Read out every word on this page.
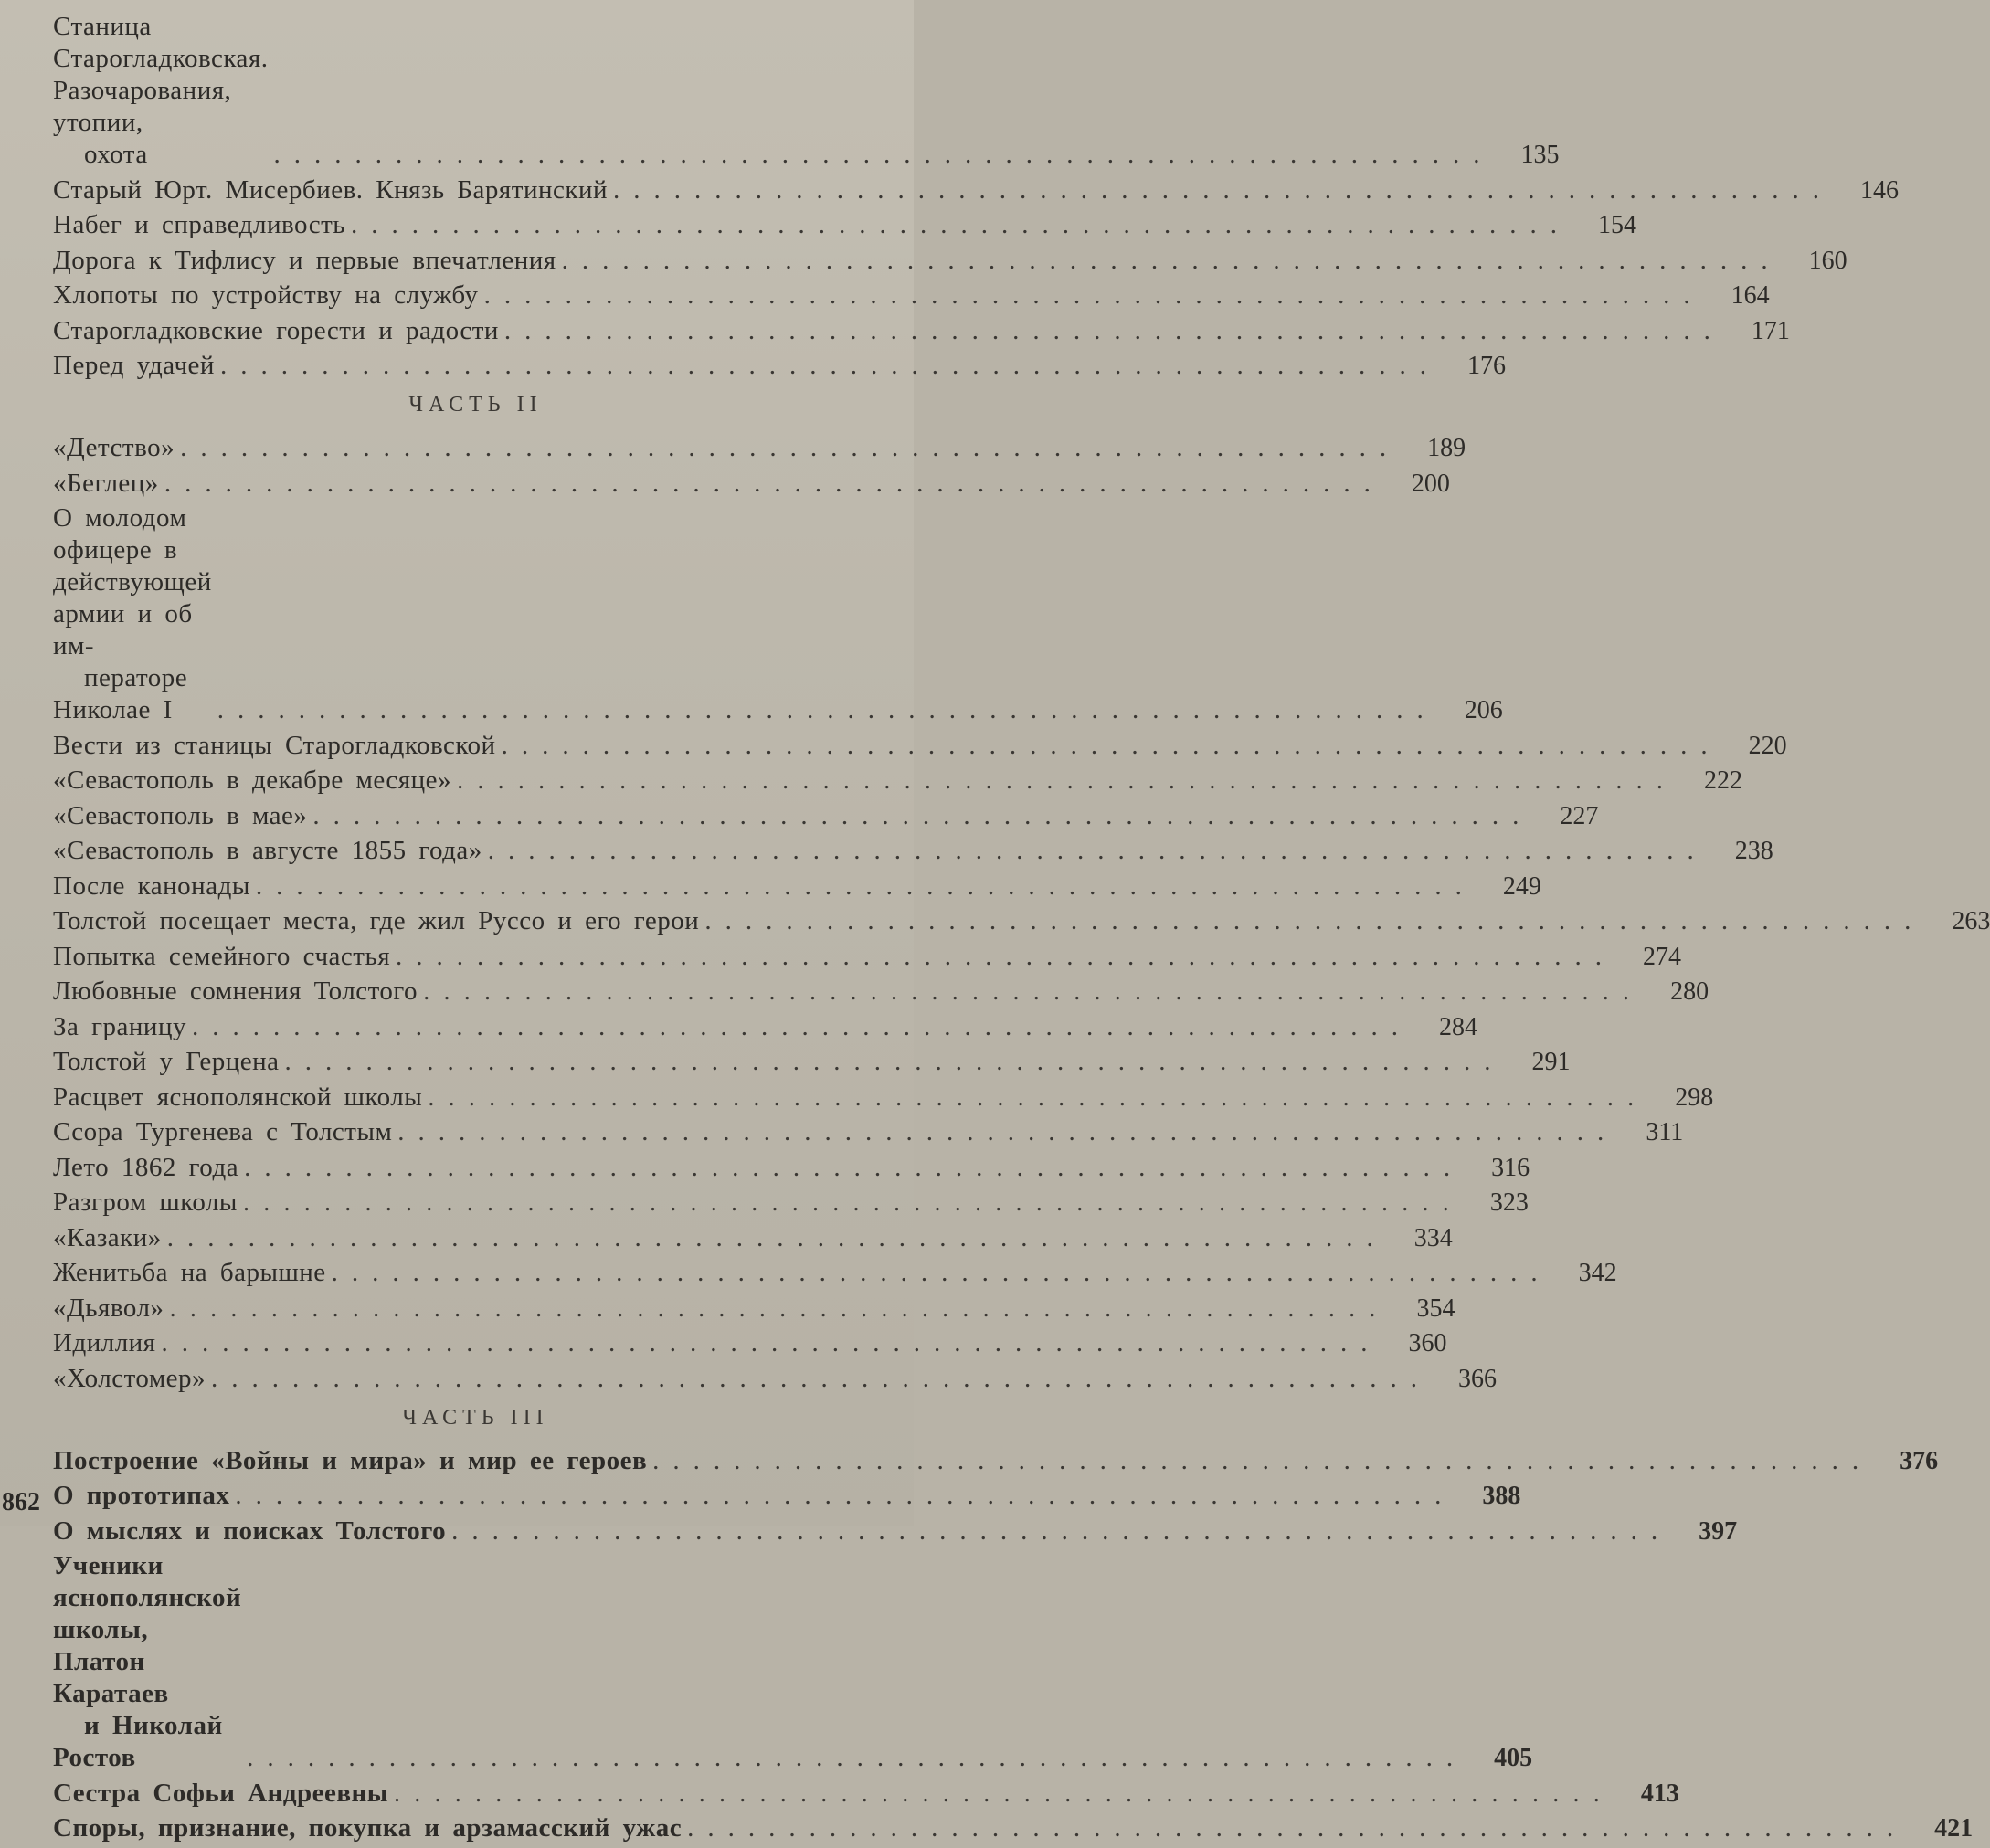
Станица Старогладковская. Разочарования, утопии,
охота	............................................................	135
Старый Юрт. Мисербиев. Князь Барятинский ............................................................	146
Набег и справедливость ............................................................	154
Дорога к Тифлису и первые впечатления ............................................................	160
Хлопоты по устройству на службу ............................................................	164
Старогладковские горести и радости ............................................................	171
Перед удачей ............................................................	176
ЧАСТЬ II
«Детство» ............................................................	189
«Беглец» ............................................................	200
О молодом офицере в действующей армии и об им-
ператоре Николае I	............................................................	206
Вести из станицы Старогладковской ............................................................	220
«Севастополь в декабре месяце» ............................................................	222
«Севастополь в мае» ............................................................	227
«Севастополь в августе 1855 года» ............................................................	238
После канонады ............................................................	249
Толстой посещает места, где жил Руссо и его герои ............................................................	263
Попытка семейного счастья ............................................................	274
Любовные сомнения Толстого ............................................................	280
За границу ............................................................	284
Толстой у Герцена ............................................................	291
Расцвет яснополянской школы ............................................................	298
Ссора Тургенева с Толстым ............................................................	311
Лето 1862 года ............................................................	316
Разгром школы ............................................................	323
«Казаки» ............................................................	334
Женитьба на барышне ............................................................	342
«Дьявол» ............................................................	354
Идиллия ............................................................	360
«Холстомер» ............................................................	366
ЧАСТЬ III
Построение «Войны и мира» и мир ее героев ............................................................	376
О прототипах ............................................................	388
О мыслях и поисках Толстого ............................................................	397
Ученики яснополянской школы, Платон Каратаев
и Николай Ростов	............................................................	405
Сестра Софьи Андреевны ............................................................	413
Споры, признание, покупка и арзамасский ужас ............................................................	421
862
